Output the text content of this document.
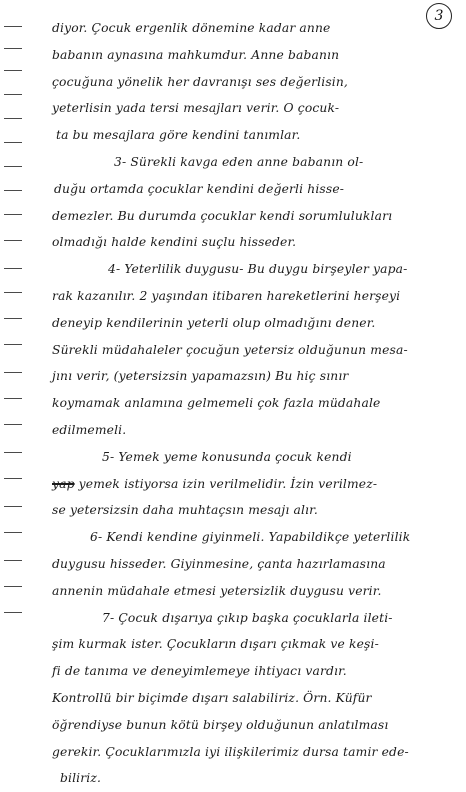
3
diyor. Çocuk ergenlik dönemine kadar anne
babanın aynasına mahkumdur. Anne babanın
çocuğuna yönelik her davranışı ses değerlisin,
yeterlisin yada tersi mesajları verir. O çocuk-
ta bu mesajlara göre kendini tanımlar.
3- Sürekli kavga eden anne babanın ol-
duğu ortamda çocuklar kendini değerli hisse-
demezler. Bu durumda çocuklar kendi sorumlulukları
olmadığı halde kendini suçlu hisseder.
4- Yeterlilik duygusu- Bu duygu birşeyler yapa-
rak kazanılır. 2 yaşından itibaren hareketlerini herşeyi
deneyip kendilerinin yeterli olup olmadığını dener.
Sürekli müdahaleler çocuğun yetersiz olduğunun mesa-
jını verir, (yetersizsin yapamazsın) Bu hiç sınır
koymamak anlamına gelmemeli çok fazla müdahale
edilmemeli.
5- Yemek yeme konusunda çocuk kendi
yap yemek istiyorsa izin verilmelidir. İzin verilmez-
se yetersizsin daha muhtaçsın mesajı alır.
6- Kendi kendine giyinmeli. Yapabildikçe yeterlilik
duygusu hisseder. Giyinmesine, çanta hazırlamasına
annenin müdahale etmesi yetersizlik duygusu verir.
7- Çocuk dışarıya çıkıp başka çocuklarla ileti-
şim kurmak ister. Çocukların dışarı çıkmak ve keşi-
fi de tanıma ve deneyimlemeye ihtiyacı vardır.
Kontrollü bir biçimde dışarı salabiliriz. Örn. Küfür
öğrendiyse bunun kötü birşey olduğunun anlatılması
gerekir. Çocuklarımızla iyi ilişkilerimiz dursa tamir ede-
biliriz.
